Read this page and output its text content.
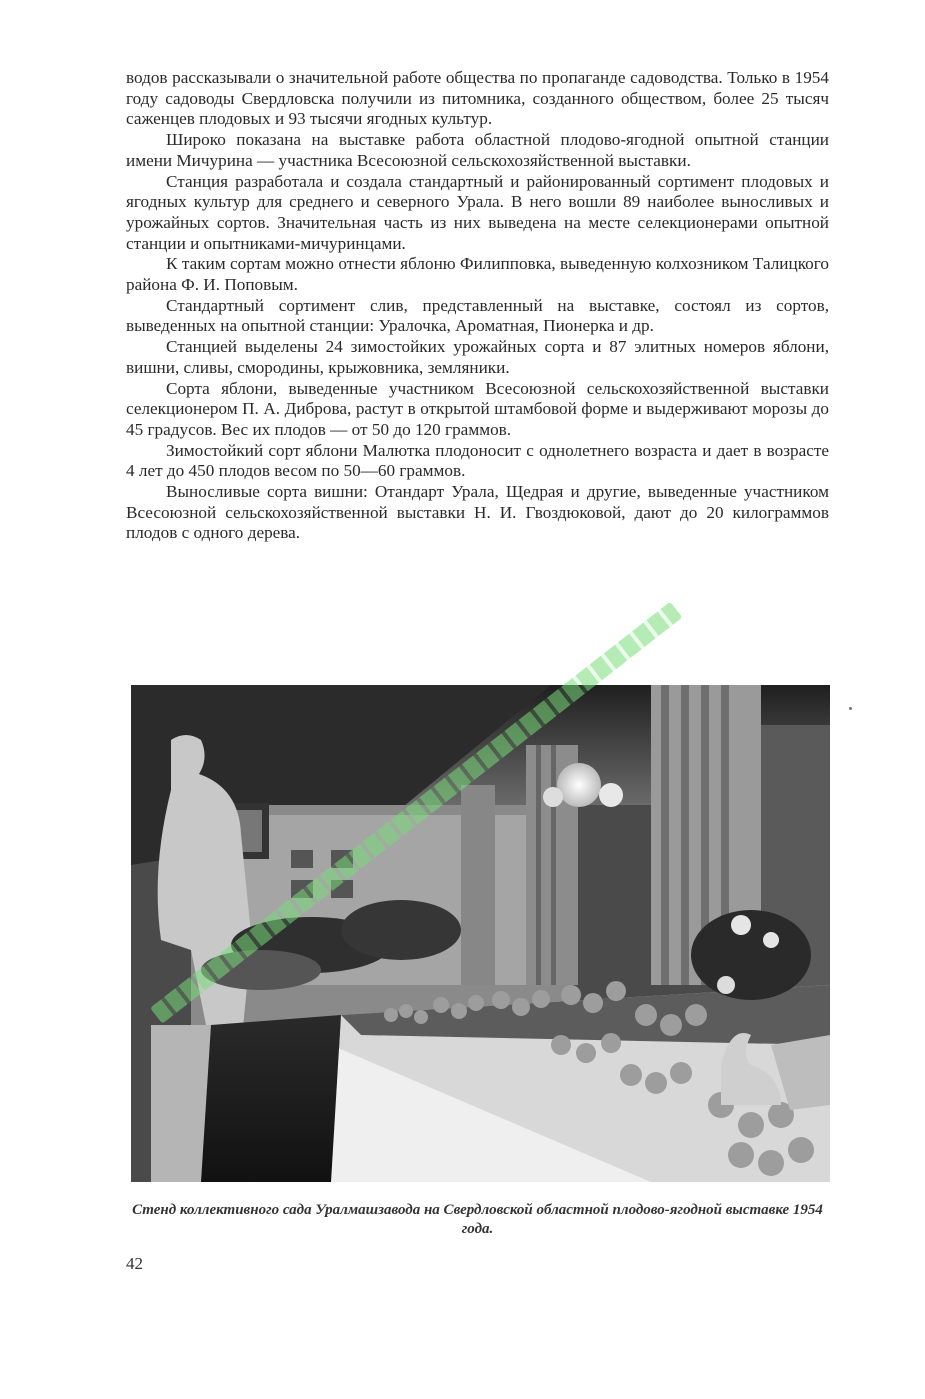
водов рассказывали о значительной работе общества по пропаганде садоводства. Только в 1954 году садоводы Свердловска получили из питомника, созданного обществом, более 25 тысяч саженцев плодовых и 93 тысячи ягодных культур.

Широко показана на выставке работа областной плодово-ягодной опытной станции имени Мичурина — участника Всесоюзной сельскохозяйственной выставки.

Станция разработала и создала стандартный и районированный сортимент плодовых и ягодных культур для среднего и северного Урала. В него вошли 89 наиболее выносливых и урожайных сортов. Значительная часть из них выведена на месте селекционерами опытной станции и опытниками-мичуринцами.

К таким сортам можно отнести яблоню Филипповка, выведенную колхозником Талицкого района Ф. И. Поповым.

Стандартный сортимент слив, представленный на выставке, состоял из сортов, выведенных на опытной станции: Уралочка, Ароматная, Пионерка и др.

Станцией выделены 24 зимостойких урожайных сорта и 87 элитных номеров яблони, вишни, сливы, смородины, крыжовника, земляники.

Сорта яблони, выведенные участником Всесоюзной сельскохозяйственной выставки селекционером П. А. Диброва, растут в открытой штамбовой форме и выдерживают морозы до 45 градусов. Вес их плодов — от 50 до 120 граммов.

Зимостойкий сорт яблони Малютка плодоносит с однолетнего возраста и дает в возрасте 4 лет до 450 плодов весом по 50—60 граммов.

Выносливые сорта вишни: Отандарт Урала, Щедрая и другие, выведенные участником Всесоюзной сельскохозяйственной выставки Н. И. Гвоздюковой, дают до 20 килограммов плодов с одного дерева.

Стенд коллективного сада Уралмашзавода на Свердловской областной плодово-ягодной выставке 1954 года.
42
